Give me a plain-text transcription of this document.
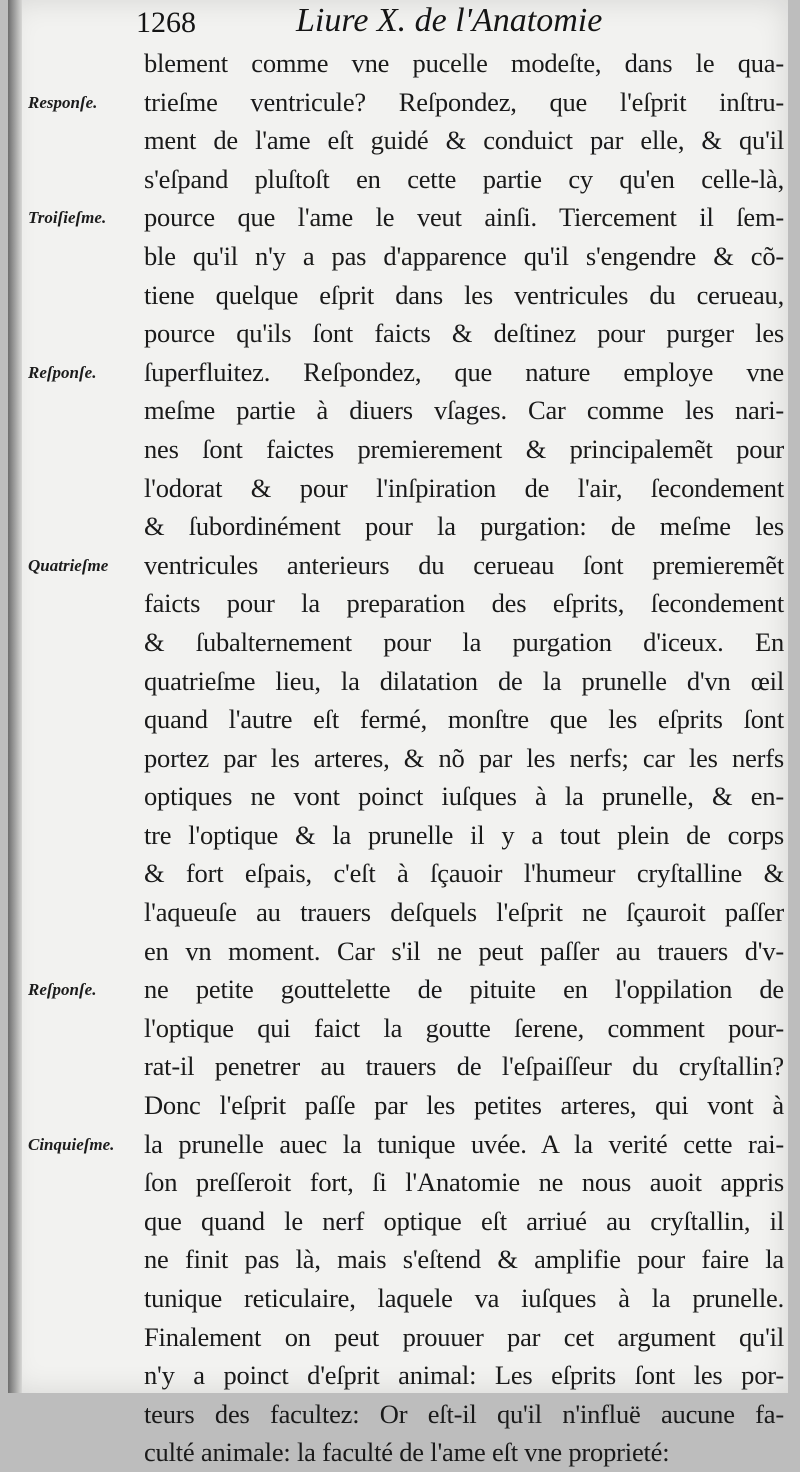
1268	Liure X. de l'Anatomie
Responſe.
Troiſieſme.
Reſponſe.
Quatrieſme
Reſponſe.
Cinquieſme.
blement comme vne pucelle modeſte, dans le qua-
trieſme ventricule? Reſpondez, que l'eſprit inſtru-
ment de l'ame eſt guidé & conduict par elle, & qu'il
s'eſpand pluſtoſt en cette partie cy qu'en celle-là,
pource que l'ame le veut ainſi. Tiercement il ſem-
ble qu'il n'y a pas d'apparence qu'il s'engendre & cõ-
tiene quelque eſprit dans les ventricules du cerueau,
pource qu'ils ſont faicts & deſtinez pour purger les
ſuperfluitez. Reſpondez, que nature employe vne
meſme partie à diuers vſages. Car comme les nari-
nes ſont faictes premierement & principalemẽt pour
l'odorat & pour l'inſpiration de l'air, ſecondement
& ſubordinément pour la purgation: de meſme les
ventricules anterieurs du cerueau ſont premieremẽt
faicts pour la preparation des eſprits, ſecondement
& ſubalternement pour la purgation d'iceux. En
quatrieſme lieu, la dilatation de la prunelle d'vn œil
quand l'autre eſt fermé, monſtre que les eſprits ſont
portez par les arteres, & nõ par les nerfs; car les nerfs
optiques ne vont poinct iuſques à la prunelle, & en-
tre l'optique & la prunelle il y a tout plein de corps
& fort eſpais, c'eſt à ſçauoir l'humeur cryſtalline &
l'aqueuſe au trauers deſquels l'eſprit ne ſçauroit paſſer
en vn moment. Car s'il ne peut paſſer au trauers d'v-
ne petite gouttelette de pituite en l'oppilation de
l'optique qui faict la goutte ſerene, comment pour-
rat-il penetrer au trauers de l'eſpaiſſeur du cryſtallin?
Donc l'eſprit paſſe par les petites arteres, qui vont à
la prunelle auec la tunique uvée. A la verité cette rai-
ſon preſſeroit fort, ſi l'Anatomie ne nous auoit appris
que quand le nerf optique eſt arriué au cryſtallin, il
ne finit pas là, mais s'eſtend & amplifie pour faire la
tunique reticulaire, laquele va iuſques à la prunelle.
Finalement on peut prouuer par cet argument qu'il
n'y a poinct d'eſprit animal: Les eſprits ſont les por-
teurs des facultez: Or eſt-il qu'il n'influë aucune fa-
culté animale: la faculté de l'ame eſt vne proprieté:
